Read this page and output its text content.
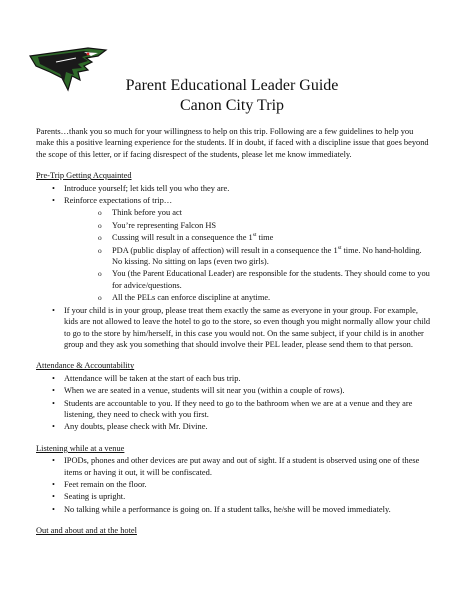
Parent Educational Leader Guide

Canon City Trip

Parents…thank you so much for your willingness to help on this trip. Following are a few guidelines to help you make this a positive learning experience for the students. If in doubt, if faced with a discipline issue that goes beyond the scope of this letter, or if facing disrespect of the students, please let me know immediately.

Pre-Trip Getting Acquainted
• Introduce yourself; let kids tell you who they are.
• Reinforce expectations of trip…
o Think before you act
o You’re representing Falcon HS
o Cussing will result in a consequence the 1st time
o PDA (public display of affection) will result in a consequence the 1st time. No hand-holding. No kissing. No sitting on laps (even two girls).
o You (the Parent Educational Leader) are responsible for the students. They should come to you for advice/questions.
o All the PELs can enforce discipline at anytime.
• If your child is in your group, please treat them exactly the same as everyone in your group. For example, kids are not allowed to leave the hotel to go to the store, so even though you might normally allow your child to go to the store by him/herself, in this case you would not. On the same subject, if your child is in another group and they ask you something that should involve their PEL leader, please send them to that person.
Attendance & Accountability
• Attendance will be taken at the start of each bus trip.
• When we are seated in a venue, students will sit near you (within a couple of rows).
• Students are accountable to you. If they need to go to the bathroom when we are at a venue and they are listening, they need to check with you first.
• Any doubts, please check with Mr. Divine.
Listening while at a venue
• IPODs, phones and other devices are put away and out of sight. If a student is observed using one of these items or having it out, it will be confiscated.
• Feet remain on the floor.
• Seating is upright.
• No talking while a performance is going on. If a student talks, he/she will be moved immediately.
Out and about and at the hotel
